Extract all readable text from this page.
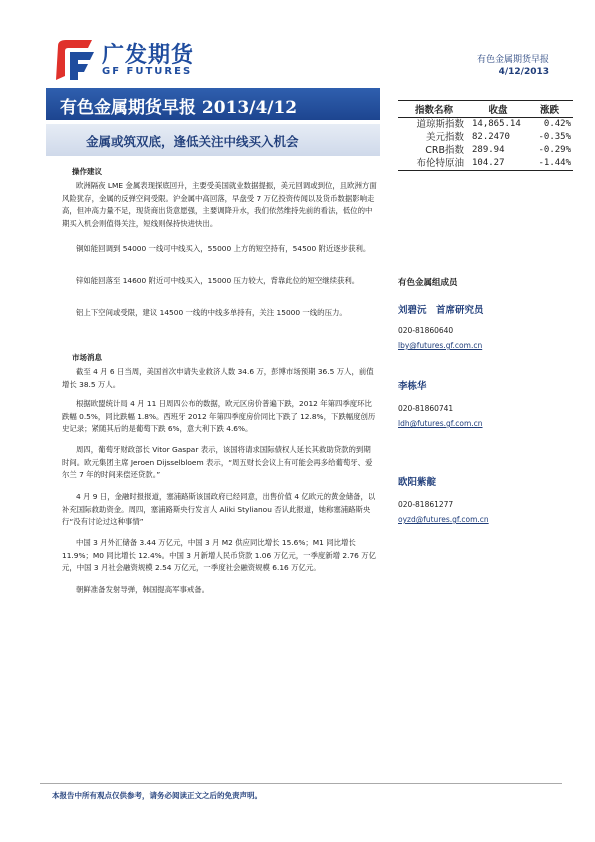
广发期货
GF FUTURES
有色金属期货早报
4/12/2013
有色金属期货早报 2013/4/12
金属或筑双底，逢低关注中线买入机会
指数名称	收盘	涨跌
道琼斯指数	14,865.14	0.42%
美元指数	82.2470	-0.35%
CRB指数	289.94	-0.29%
布伦特原油	104.27	-1.44%
操作建议

欧洲隔夜 LME 金属表现探底回升，主要受美国就业数据提振，美元回调或到位，且欧洲方面风险犹存，金属的反弹空间受限。沪金属中高回落，早盘受 7 万亿投资传闻以及货币数据影响走高，但冲高力量不足，现货商出货意愿强，主要调降升水，我们依然维持先前的看法，低位的中期买入机会则值得关注，短线则保持快进快出。

铜如能回调到 54000 一线可中线买入，55000 上方的短空持有，54500 附近逐步获利。

锌如能回落至 14600 附近可中线买入，15000 压力较大，背靠此位的短空继续获利。

铝上下空间或受限，建议 14500 一线的中线多单持有，关注 15000 一线的压力。

市场消息

截至 4 月 6 日当周，美国首次申请失业救济人数 34.6 万，彭博市场预期 36.5 万人，前值增长 38.5 万人。

根据欧盟统计局 4 月 11 日周四公布的数据，欧元区房价普遍下跌，2012 年第四季度环比跌幅 0.5%，同比跌幅 1.8%。西班牙 2012 年第四季度房价同比下跌了 12.8%，下跌幅度创历史记录；紧随其后的是葡萄下跌 6%，意大利下跌 4.6%。

周四，葡萄牙财政部长 Vitor Gaspar 表示，该国将请求国际债权人延长其救助贷款的到期时间。欧元集团主席 Jeroen Dijsselbloem 表示，“周五财长会议上有可能会再多给葡萄牙、爱尔兰 7 年的时间来偿还贷款。”

4 月 9 日，金融时报报道，塞浦路斯该国政府已经同意，出售价值 4 亿欧元的黄金储备，以补充国际救助资金。周四，塞浦路斯央行发言人 Aliki Stylianou 否认此报道，她称塞浦路斯央行“没有讨论过这种事情”

中国 3 月外汇储备 3.44 万亿元，中国 3 月 M2 供应同比增长 15.6%；M1 同比增长 11.9%；M0 同比增长 12.4%。中国 3 月新增人民币贷款 1.06 万亿元，一季度新增 2.76 万亿元，中国 3 月社会融资规模 2.54 万亿元，一季度社会融资规模 6.16 万亿元。

朝鲜准备发射导弹，韩国提高军事戒备。

有色金属组成员
刘碧沅　首席研究员
020-81860640
lby@futures.gf.com.cn
李栋华
020-81860741
ldh@futures.gf.com.cn
欧阳紫靛
020-81861277
oyzd@futures.gf.com.cn
本报告中所有观点仅供参考，请务必阅读正文之后的免责声明。
